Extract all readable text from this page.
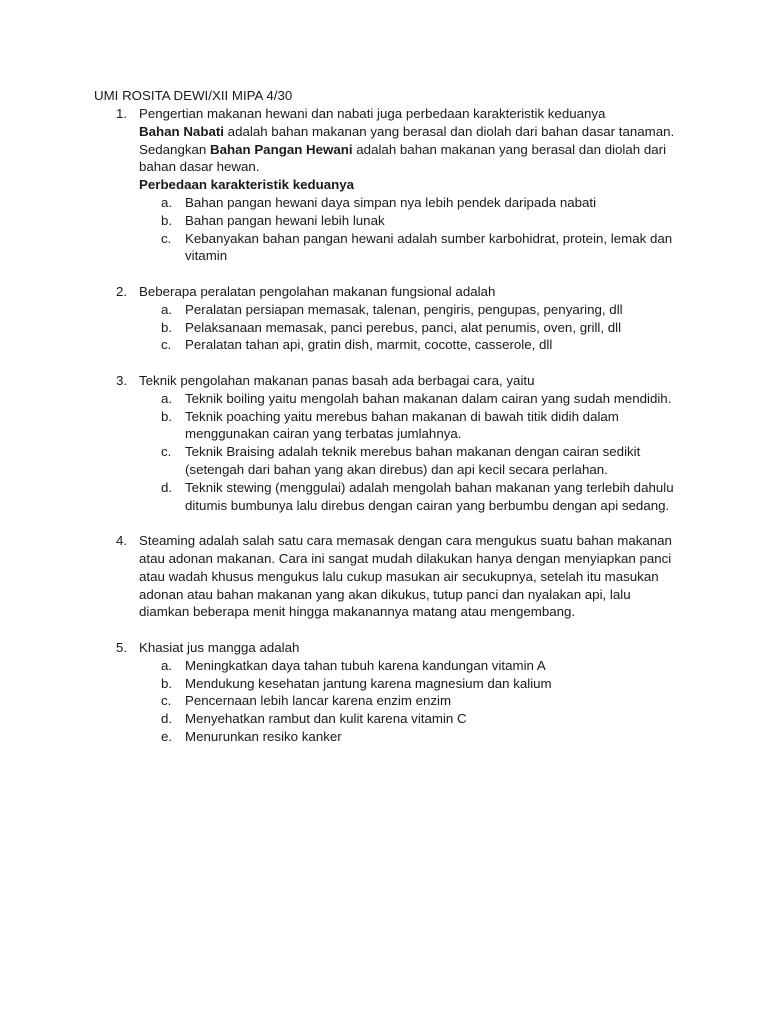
UMI ROSITA DEWI/XII MIPA 4/30
1. Pengertian makanan hewani dan nabati juga perbedaan karakteristik keduanya
Bahan Nabati adalah bahan makanan yang berasal dan diolah dari bahan dasar tanaman. Sedangkan Bahan Pangan Hewani adalah bahan makanan yang berasal dan diolah dari bahan dasar hewan.
Perbedaan karakteristik keduanya
a. Bahan pangan hewani daya simpan nya lebih pendek daripada nabati
b. Bahan pangan hewani lebih lunak
c. Kebanyakan bahan pangan hewani adalah sumber karbohidrat, protein, lemak dan vitamin
2. Beberapa peralatan pengolahan makanan fungsional adalah
a. Peralatan persiapan memasak, talenan, pengiris, pengupas, penyaring, dll
b. Pelaksanaan memasak, panci perebus, panci, alat penumis, oven, grill, dll
c. Peralatan tahan api, gratin dish, marmit, cocotte, casserole, dll
3. Teknik pengolahan makanan panas basah ada berbagai cara, yaitu
a. Teknik boiling yaitu mengolah bahan makanan dalam cairan yang sudah mendidih.
b. Teknik poaching yaitu merebus bahan makanan di bawah titik didih dalam menggunakan cairan yang terbatas jumlahnya.
c. Teknik Braising adalah teknik merebus bahan makanan dengan cairan sedikit (setengah dari bahan yang akan direbus) dan api kecil secara perlahan.
d. Teknik stewing (menggulai) adalah mengolah bahan makanan yang terlebih dahulu ditumis bumbunya lalu direbus dengan cairan yang berbumbu dengan api sedang.
4. Steaming adalah salah satu cara memasak dengan cara mengukus suatu bahan makanan atau adonan makanan. Cara ini sangat mudah dilakukan hanya dengan menyiapkan panci atau wadah khusus mengukus lalu cukup masukan air secukupnya, setelah itu masukan adonan atau bahan makanan yang akan dikukus, tutup panci dan nyalakan api, lalu diamkan beberapa menit hingga makanannya matang atau mengembang.
5. Khasiat jus mangga adalah
a. Meningkatkan daya tahan tubuh karena kandungan vitamin A
b. Mendukung kesehatan jantung karena magnesium dan kalium
c. Pencernaan lebih lancar karena enzim enzim
d. Menyehatkan rambut dan kulit karena vitamin C
e. Menurunkan resiko kanker
